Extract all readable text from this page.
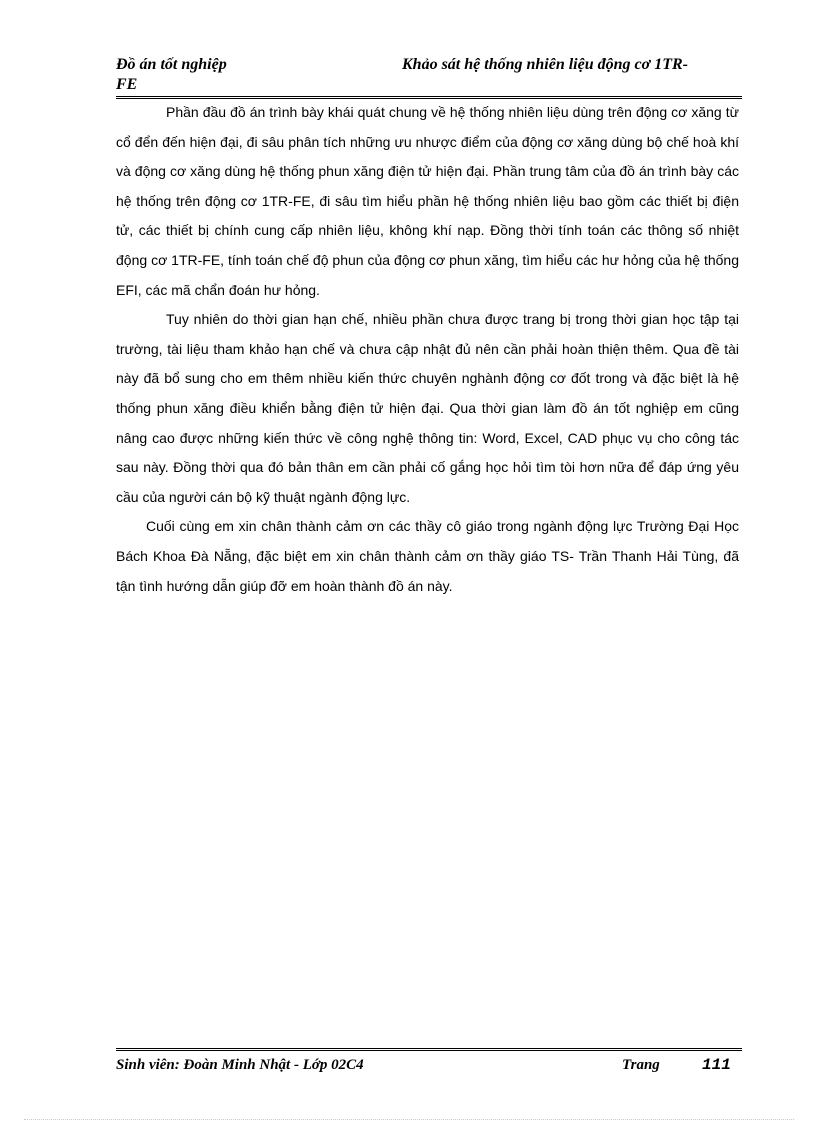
Đồ án tốt nghiệp	Khảo sát hệ thống nhiên liệu động cơ 1TR-
FE

Phần đầu đồ án trình bày khái quát chung về hệ thống nhiên liệu dùng trên động cơ xăng từ cổ đển đến hiện đại, đi sâu phân tích những ưu nhược điểm của động cơ xăng dùng bộ chế hoà khí và động cơ xăng dùng hệ thống phun xăng điện tử hiện đại. Phần trung tâm của đồ án trình bày các hệ thống trên động cơ 1TR-FE, đi sâu tìm hiểu phần hệ thống nhiên liệu bao gồm các thiết bị điện tử, các thiết bị chính cung cấp nhiên liệu, không khí nạp. Đồng thời tính toán các thông số nhiệt động cơ 1TR-FE, tính toán chế độ phun của động cơ phun xăng, tìm hiểu các hư hỏng của hệ thống EFI, các mã chẩn đoán hư hỏng.

Tuy nhiên do thời gian hạn chế, nhiều phần chưa được trang bị trong thời gian học tập tại trường, tài liệu tham khảo hạn chế và chưa cập nhật đủ nên cần phải hoàn thiện thêm. Qua đề tài này đã bổ sung cho em thêm nhiều kiến thức chuyên nghành động cơ đốt trong và đặc biệt là hệ thống phun xăng điều khiển bằng điện tử hiện đại. Qua thời gian làm đồ án tốt nghiệp em cũng nâng cao được những kiến thức về công nghệ thông tin: Word, Excel, CAD phục vụ cho công tác sau này. Đồng thời qua đó bản thân em cần phải cố gắng học hỏi tìm tòi hơn nữa để đáp ứng yêu cầu của người cán bộ kỹ thuật ngành động lực.

Cuối cùng em xin chân thành cảm ơn các thầy cô giáo trong ngành động lực Trường Đại Học Bách Khoa Đà Nẵng, đặc biệt em xin chân thành cảm ơn thầy giáo TS- Trần Thanh Hải Tùng, đã tận tình hướng dẫn giúp đỡ em hoàn thành đồ án này.

Sinh viên: Đoàn Minh Nhật - Lớp 02C4	Trang	111
